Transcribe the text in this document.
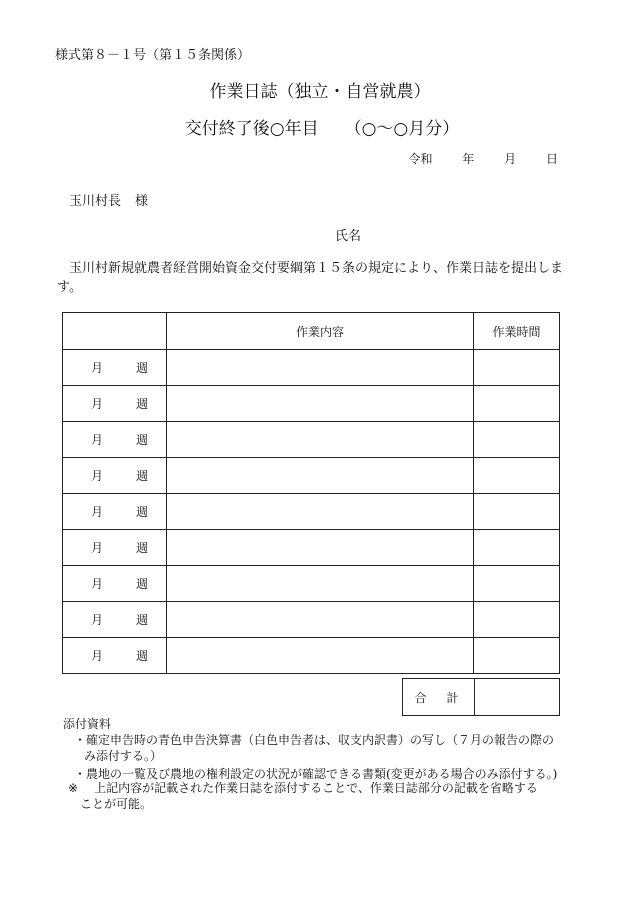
様式第８－１号（第１５条関係）
作業日誌（独立・自営就農）
交付終了後○年目 （○～○月分）
令和 年 月 日
玉川村長 様
氏名
玉川村新規就農者経営開始資金交付要綱第１５条の規定により、作業日誌を提出します。
	作業内容	作業時間
月 週		
月 週		
月 週		
月 週		
月 週		
月 週		
月 週		
月 週		
月 週		
合　計	
添付資料
・確定申告時の青色申告決算書（白色申告者は、収支内訳書）の写し（７月の報告の際の
み添付する。）
・農地の一覧及び農地の権利設定の状況が確認できる書類(変更がある場合のみ添付する。)
※ 上記内容が記載された作業日誌を添付することで、作業日誌部分の記載を省略する
ことが可能。
